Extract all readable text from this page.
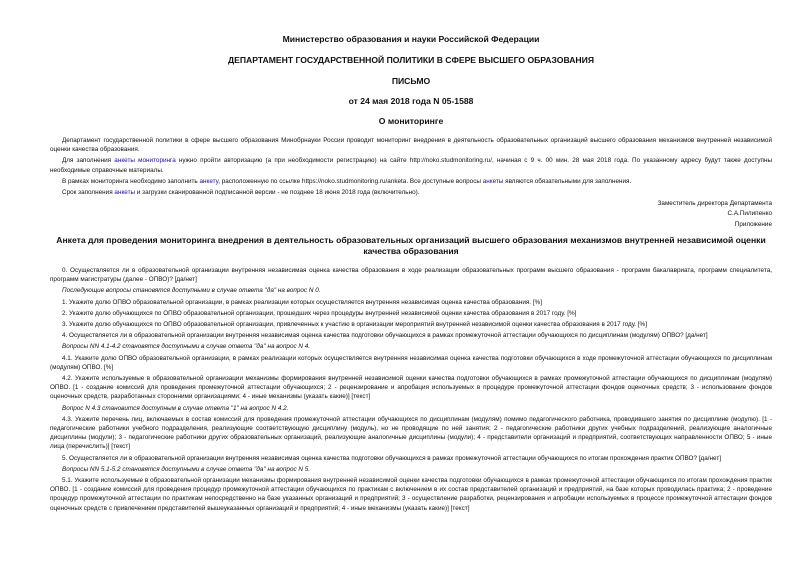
Министерство образования и науки Российской Федерации
ДЕПАРТАМЕНТ ГОСУДАРСТВЕННОЙ ПОЛИТИКИ В СФЕРЕ ВЫСШЕГО ОБРАЗОВАНИЯ
ПИСЬМО
от 24 мая 2018 года N 05-1588
О мониторинге

Департамент государственной политики в сфере высшего образования Минобрнауки России проводит мониторинг внедрения в деятельность образовательных организаций высшего образования механизмов внутренней независимой оценки качества образования.

Для заполнения анкеты мониторинга нужно пройти авторизацию (а при необходимости регистрацию) на сайте http://noko.studmonitoring.ru/, начиная с 9 ч. 00 мин. 28 мая 2018 года. По указанному адресу будут также доступны необходимые справочные материалы.

В рамках мониторинга необходимо заполнить анкету, расположенную по ссылке https://noko.studmonitoring.ru/anketa. Все доступные вопросы анкеты являются обязательными для заполнения.

Срок заполнения анкеты и загрузки сканированной подписанной версии - не позднее 18 июня 2018 года (включительно).

Заместитель директора Департамента
С.А.Пилипенко
Приложение
Анкета для проведения мониторинга внедрения в деятельность образовательных организаций высшего образования механизмов внутренней независимой оценки качества образования

0. Осуществляется ли в образовательной организации внутренняя независимая оценка качества образования в ходе реализации образовательных программ высшего образования - программ бакалавриата, программ специалитета, программ магистратуры (далее - ОПВО)? [да/нет]

Последующие вопросы становятся доступными в случае ответа "да" на вопрос N 0.

1. Укажите долю ОПВО образовательной организации, в рамках реализации которых осуществляется внутренняя независимая оценка качества образования. [%]

2. Укажите долю обучающихся по ОПВО образовательной организации, прошедших через процедуры внутренней независимой оценки качества образования в 2017 году. [%]

3. Укажите долю обучающихся по ОПВО образовательной организации, привлеченных к участию в организации мероприятий внутренней независимой оценки качества образования в 2017 году. [%]

4. Осуществляется ли в образовательной организации внутренняя независимая оценка качества подготовки обучающихся в рамках промежуточной аттестации обучающихся по дисциплинам (модулям) ОПВО? [да/нет]

Вопросы NN 4.1-4.2 становятся доступными в случае ответа "да" на вопрос N 4.

4.1. Укажите долю ОПВО образовательной организации, в рамках реализации которых осуществляется внутренняя независимая оценка качества подготовки обучающихся в ходе промежуточной аттестации обучающихся по дисциплинам (модулям) ОПВО. [%]

4.2. Укажите используемые в образовательной организации механизмы формирования внутренней независимой оценки качества подготовки обучающихся в рамках промежуточной аттестации обучающихся по дисциплинам (модулям) ОПВО. [1 - создание комиссий для проведения промежуточной аттестации обучающихся; 2 - рецензирование и апробация используемых в процедуре промежуточной аттестации фондов оценочных средств; 3 - использование фондов оценочных средств, разработанных сторонними организациями; 4 - иные механизмы (указать какие)] [текст]

Вопрос N 4.3 становится доступным в случае ответа "1" на вопрос N 4.2.

4.3. Укажите перечень лиц, включаемых в состав комиссий для проведения промежуточной аттестации обучающихся по дисциплинам (модулям) помимо педагогического работника, проводившего занятия по дисциплине (модулю). [1 - педагогические работники учебного подразделения, реализующие соответствующую дисциплину (модуль), но не проводящие по ней занятия; 2 - педагогические работники других учебных подразделений, реализующие аналогичные дисциплины (модули); 3 - педагогические работники других образовательных организаций, реализующие аналогичные дисциплины (модули); 4 - представители организаций и предприятий, соответствующих направленности ОПВО; 5 - иные лица (перечислить)] [текст]

5. Осуществляется ли в образовательной организации внутренняя независимая оценка качества подготовки обучающихся в рамках промежуточной аттестации обучающихся по итогам прохождения практик ОПВО? [да/нет]

Вопросы NN 5.1-5.2 становятся доступными в случае ответа "да" на вопрос N 5.

5.1. Укажите используемые в образовательной организации механизмы формирования внутренней независимой оценки качества подготовки обучающихся в рамках промежуточной аттестации обучающихся по итогам прохождения практик ОПВО. [1 - создание комиссий для проведения процедур промежуточной аттестации обучающихся по практикам с включением в их состав представителей организаций и предприятий, на базе которых проводилась практика; 2 - проведение процедур промежуточной аттестации по практикам непосредственно на базе указанных организаций и предприятий; 3 - осуществление разработки, рецензирования и апробации используемых в процессе промежуточной аттестации фондов оценочных средств с привлечением представителей вышеуказанных организаций и предприятий; 4 - иные механизмы (указать какие)] [текст]
